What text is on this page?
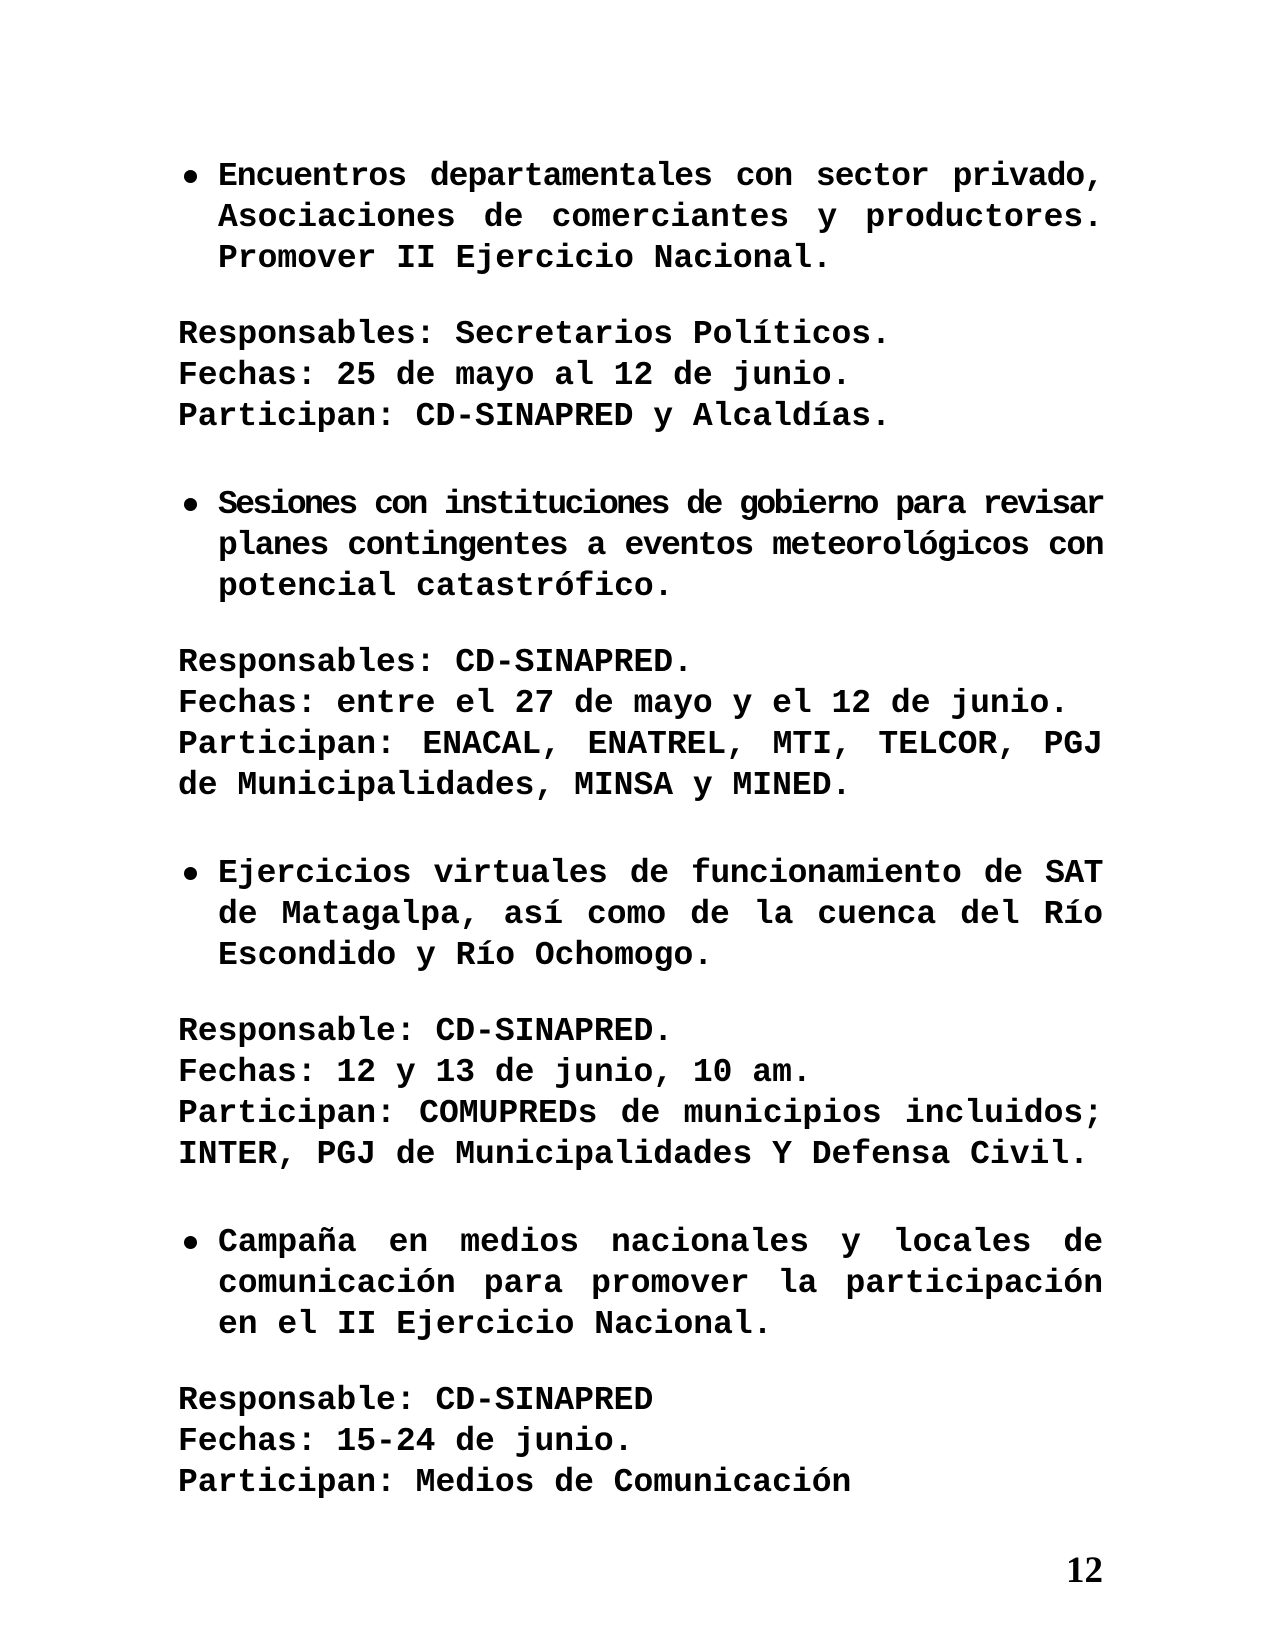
Encuentros departamentales con sector privado,
Asociaciones de comerciantes y productores.
Promover II Ejercicio Nacional.
Responsables: Secretarios Políticos.
Fechas: 25 de mayo al 12 de junio.
Participan: CD-SINAPRED y Alcaldías.
Sesiones con instituciones de gobierno para revisar
planes contingentes a eventos meteorológicos con
potencial catastrófico.
Responsables: CD-SINAPRED.
Fechas: entre el 27 de mayo y el 12 de junio.
Participan: ENACAL, ENATREL, MTI, TELCOR, PGJ
de Municipalidades, MINSA y MINED.
Ejercicios virtuales de funcionamiento de SAT
de Matagalpa, así como de la cuenca del Río
Escondido y Río Ochomogo.
Responsable: CD-SINAPRED.
Fechas: 12 y 13 de junio, 10 am.
Participan: COMUPREDs de municipios incluidos;
INTER, PGJ de Municipalidades Y Defensa Civil.
Campaña en medios nacionales y locales de
comunicación para promover la participación
en el II Ejercicio Nacional.
Responsable: CD-SINAPRED
Fechas: 15-24 de junio.
Participan: Medios de Comunicación
12
